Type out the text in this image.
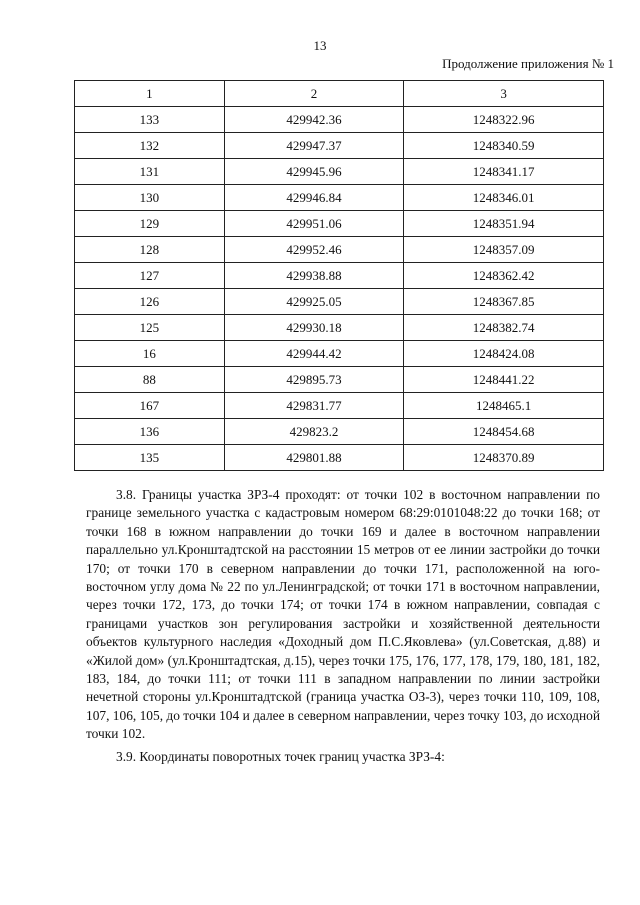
13
Продолжение приложения № 1
1	2	3
133	429942.36	1248322.96
132	429947.37	1248340.59
131	429945.96	1248341.17
130	429946.84	1248346.01
129	429951.06	1248351.94
128	429952.46	1248357.09
127	429938.88	1248362.42
126	429925.05	1248367.85
125	429930.18	1248382.74
16	429944.42	1248424.08
88	429895.73	1248441.22
167	429831.77	1248465.1
136	429823.2	1248454.68
135	429801.88	1248370.89
3.8. Границы участка ЗРЗ-4 проходят: от точки 102 в восточном направлении по границе земельного участка с кадастровым номером 68:29:0101048:22 до точки 168; от точки 168 в южном направлении до точки 169 и далее в восточном направлении параллельно ул.Кронштадтской на расстоянии 15 метров от ее линии застройки до точки 170; от точки 170 в северном направлении до точки 171, расположенной на юго-восточном углу дома № 22 по ул.Ленинградской; от точки 171 в восточном направлении, через точки 172, 173, до точки 174; от точки 174 в южном направлении, совпадая с границами участков зон регулирования застройки и хозяйственной деятельности объектов культурного наследия «Доходный дом П.С.Яковлева» (ул.Советская, д.88) и «Жилой дом» (ул.Кронштадтская, д.15), через точки 175, 176, 177, 178, 179, 180, 181, 182, 183, 184, до точки 111; от точки 111 в западном направлении по линии застройки нечетной стороны ул.Кронштадтской (граница участка ОЗ-3), через точки 110, 109, 108, 107, 106, 105, до точки 104 и далее в северном направлении, через точку 103, до исходной точки 102.
3.9. Координаты поворотных точек границ участка ЗРЗ-4:
